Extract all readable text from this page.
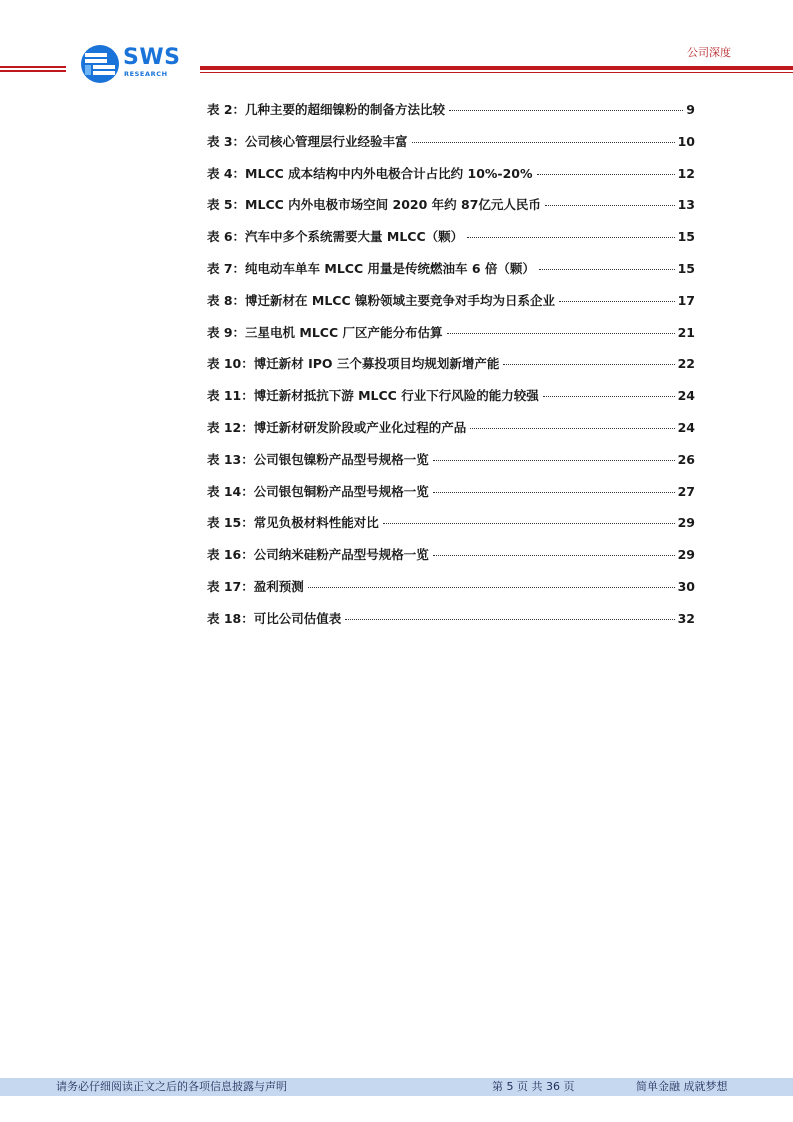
SWS
RESEARCH
公司深度
表 2：几种主要的超细镍粉的制备方法比较	9
表 3：公司核心管理层行业经验丰富	10
表 4：MLCC 成本结构中内外电极合计占比约 10%-20%	12
表 5：MLCC 内外电极市场空间 2020 年约 87亿元人民币	13
表 6：汽车中多个系统需要大量 MLCC（颗）	15
表 7：纯电动车单车 MLCC 用量是传统燃油车 6 倍（颗）	15
表 8：博迁新材在 MLCC 镍粉领域主要竞争对手均为日系企业	17
表 9：三星电机 MLCC 厂区产能分布估算	21
表 10：博迁新材 IPO 三个募投项目均规划新增产能	22
表 11：博迁新材抵抗下游 MLCC 行业下行风险的能力较强	24
表 12：博迁新材研发阶段或产业化过程的产品	24
表 13：公司银包镍粉产品型号规格一览	26
表 14：公司银包铜粉产品型号规格一览	27
表 15：常见负极材料性能对比	29
表 16：公司纳米硅粉产品型号规格一览	29
表 17：盈利预测	30
表 18：可比公司估值表	32
请务必仔细阅读正文之后的各项信息披露与声明	第 5 页 共 36 页	简单金融 成就梦想
